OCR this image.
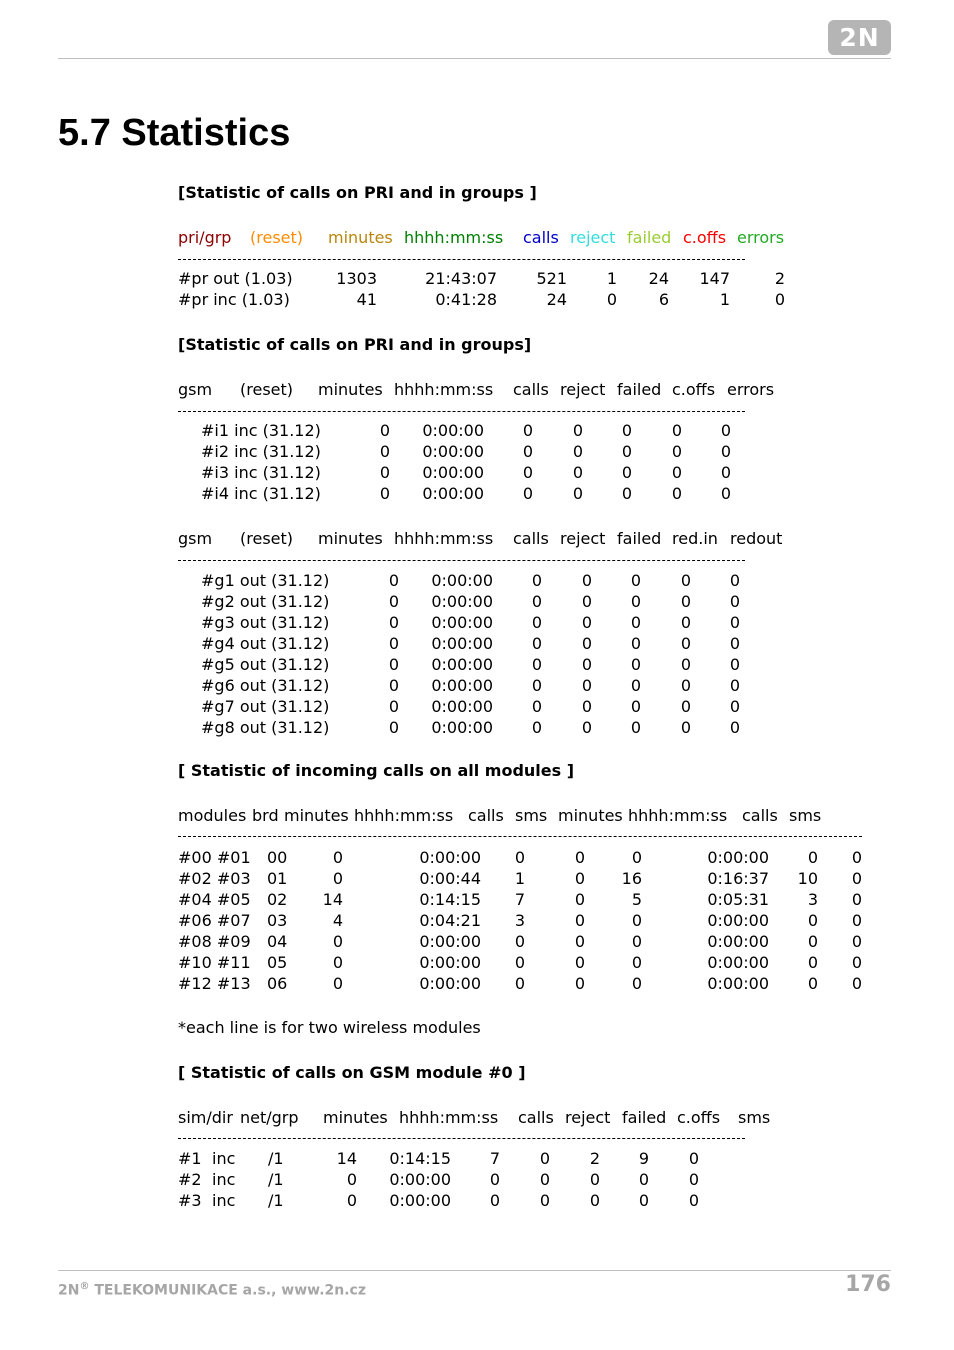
2N
5.7 Statistics
[Statistic of calls on PRI and in groups ]
pri/grp (reset) minutes hhhh:mm:ss calls reject failed c.offs errors
#pr out (1.03)	1303	21:43:07	521	1	24	147	2
#pr inc (1.03)	41	0:41:28	24	0	6	1	0
[Statistic of calls on PRI and in groups]
gsm (reset) minutes hhhh:mm:ss calls reject failed c.offs errors
#i1 inc (31.12)	0	0:00:00	0	0	0	0	0
#i2 inc (31.12)	0	0:00:00	0	0	0	0	0
#i3 inc (31.12)	0	0:00:00	0	0	0	0	0
#i4 inc (31.12)	0	0:00:00	0	0	0	0	0
gsm (reset) minutes hhhh:mm:ss calls reject failed red.in redout
#g1 out (31.12)	0	0:00:00	0	0	0	0	0
#g2 out (31.12)	0	0:00:00	0	0	0	0	0
#g3 out (31.12)	0	0:00:00	0	0	0	0	0
#g4 out (31.12)	0	0:00:00	0	0	0	0	0
#g5 out (31.12)	0	0:00:00	0	0	0	0	0
#g6 out (31.12)	0	0:00:00	0	0	0	0	0
#g7 out (31.12)	0	0:00:00	0	0	0	0	0
#g8 out (31.12)	0	0:00:00	0	0	0	0	0
[ Statistic of incoming calls on all modules ]
modules brd minutes hhhh:mm:ss calls sms minutes hhhh:mm:ss calls sms
#00 #01 00	0	0:00:00	0	0	0	0:00:00	0	0
#02 #03 01	0	0:00:44	1	0	16	0:16:37	10	0
#04 #05 02	14	0:14:15	7	0	5	0:05:31	3	0
#06 #07 03	4	0:04:21	3	0	0	0:00:00	0	0
#08 #09 04	0	0:00:00	0	0	0	0:00:00	0	0
#10 #11 05	0	0:00:00	0	0	0	0:00:00	0	0
#12 #13 06	0	0:00:00	0	0	0	0:00:00	0	0
*each line is for two wireless modules
[ Statistic of calls on GSM module #0 ]
sim/dir net/grp minutes hhhh:mm:ss calls reject failed c.offs sms
#1 inc /1	14	0:14:15	7	0	2	9	0
#2 inc /1	0	0:00:00	0	0	0	0	0
#3 inc /1	0	0:00:00	0	0	0	0	0
2N® TELEKOMUNIKACE a.s., www.2n.cz	176
